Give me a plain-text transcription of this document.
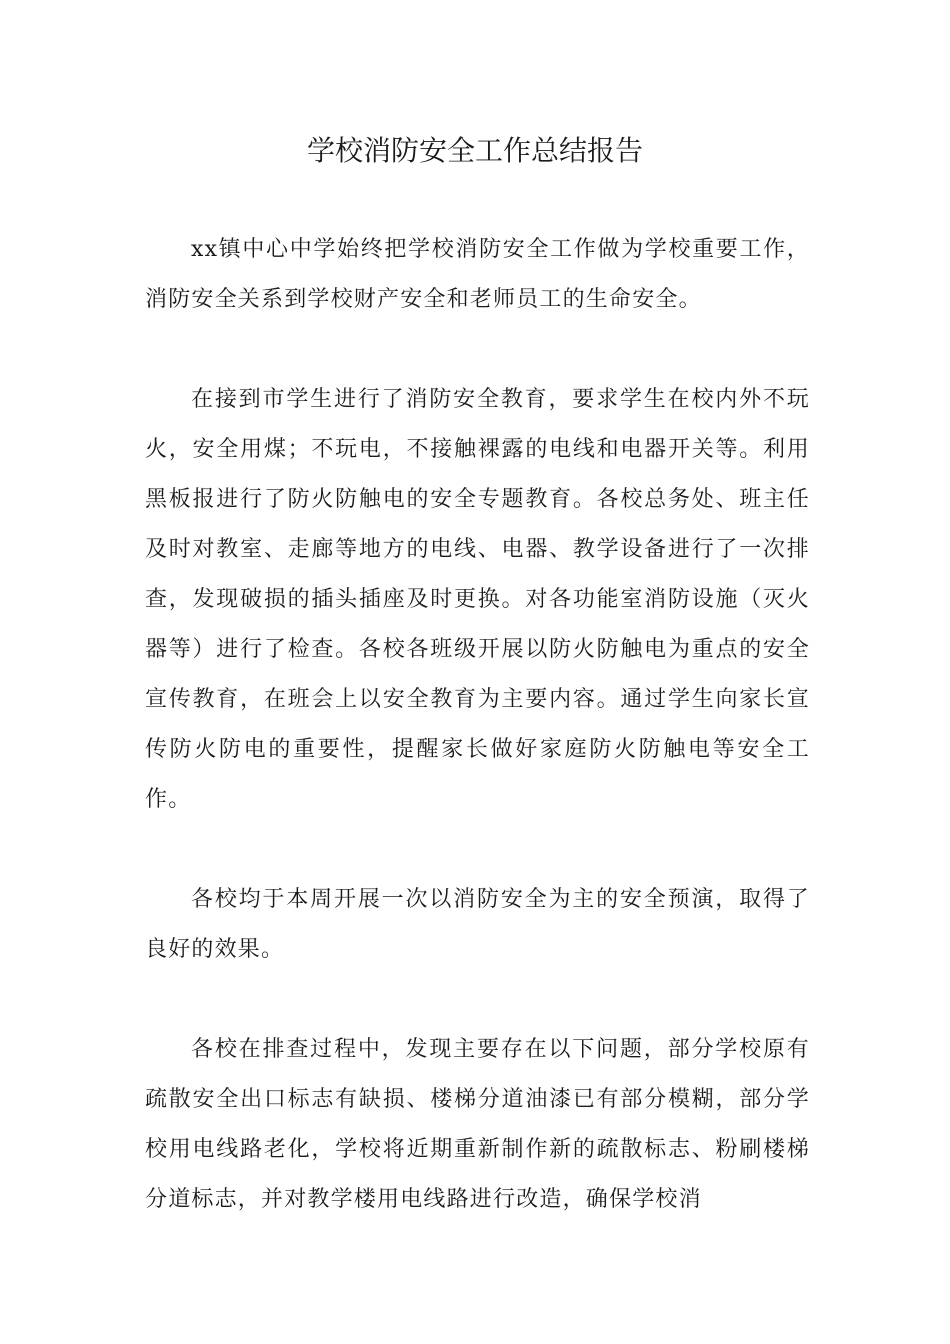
学校消防安全工作总结报告

xx镇中心中学始终把学校消防安全工作做为学校重要工作，消防安全关系到学校财产安全和老师员工的生命安全。

在接到市学生进行了消防安全教育，要求学生在校内外不玩火，安全用煤；不玩电，不接触裸露的电线和电器开关等。利用黑板报进行了防火防触电的安全专题教育。各校总务处、班主任及时对教室、走廊等地方的电线、电器、教学设备进行了一次排查，发现破损的插头插座及时更换。对各功能室消防设施（灭火器等）进行了检查。各校各班级开展以防火防触电为重点的安全宣传教育，在班会上以安全教育为主要内容。通过学生向家长宣传防火防电的重要性，提醒家长做好家庭防火防触电等安全工作。

各校均于本周开展一次以消防安全为主的安全预演，取得了良好的效果。

各校在排查过程中，发现主要存在以下问题，部分学校原有疏散安全出口标志有缺损、楼梯分道油漆已有部分模糊，部分学校用电线路老化，学校将近期重新制作新的疏散标志、粉刷楼梯分道标志，并对教学楼用电线路进行改造，确保学校消
